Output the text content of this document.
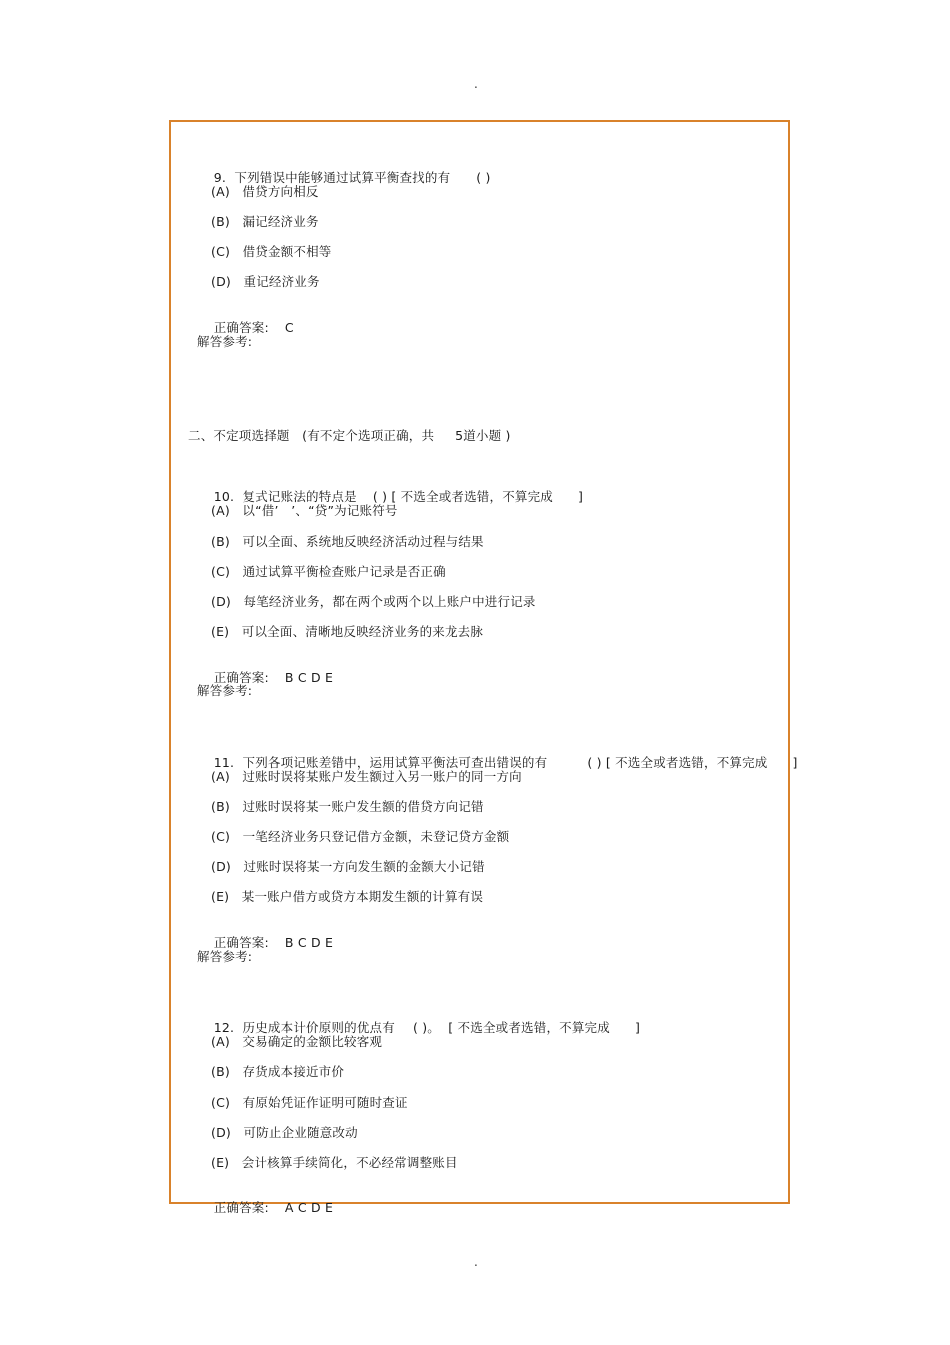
.

9.  下列错误中能够通过试算平衡查找的有 ( )

(A)   借贷方向相反
(B)   漏记经济业务
(C)   借贷金额不相等
(D)   重记经济业务

正确答案: C

解答参考:
二、不定项选择题   (有不定个选项正确，共     5道小题 )

10.  复式记账法的特点是 ( ) [ 不选全或者选错，不算完成      ]

(A)   以“借’   ’、“贷”为记账符号
(B)   可以全面、系统地反映经济活动过程与结果
(C)   通过试算平衡检查账户记录是否正确
(D)   每笔经济业务，都在两个或两个以上账户中进行记录
(E)   可以全面、清晰地反映经济业务的来龙去脉

正确答案: B C D E

解答参考:

11.  下列各项记账差错中，运用试算平衡法可查出错误的有	( ) [ 不选全或者选错，不算完成      ]

(A)   过账时误将某账户发生额过入另一账户的同一方向
(B)   过账时误将某一账户发生额的借贷方向记错
(C)   一笔经济业务只登记借方金额，未登记贷方金额
(D)   过账时误将某一方向发生额的金额大小记错
(E)   某一账户借方或贷方本期发生额的计算有误

正确答案: B C D E

解答参考:

12.  历史成本计价原则的优点有 ( )。  [ 不选全或者选错，不算完成      ]

(A)   交易确定的金额比较客观
(B)   存货成本接近市价
(C)   有原始凭证作证明可随时查证
(D)   可防止企业随意改动
(E)   会计核算手续简化，不必经常调整账目

正确答案: A C D E

.
